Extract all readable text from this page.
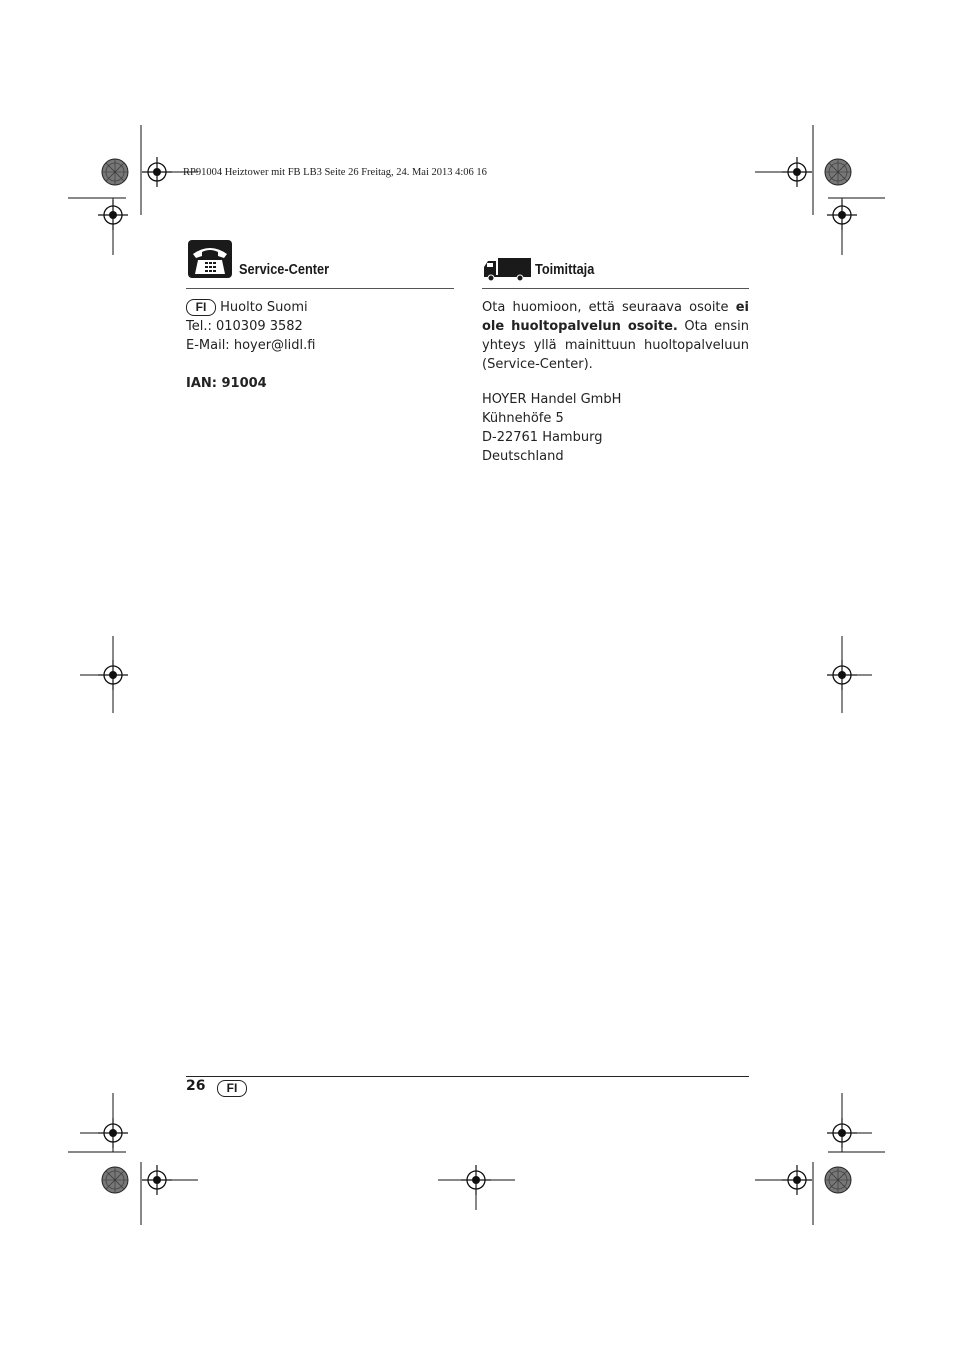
RP91004 Heiztower mit FB LB3 Seite 26 Freitag, 24. Mai 2013 4:06 16
Service-Center

FI Huolto Suomi

Tel.: 010309 3582

E-Mail: hoyer@lidl.fi

IAN: 91004
Toimittaja

Ota huomioon, että seuraava osoite ei ole huoltopalvelun osoite. Ota ensin yhteys yllä mainittuun huoltopalveluun (Service-Center).

HOYER Handel GmbH

Kühnehöfe 5

D-22761 Hamburg

Deutschland

26	FI
